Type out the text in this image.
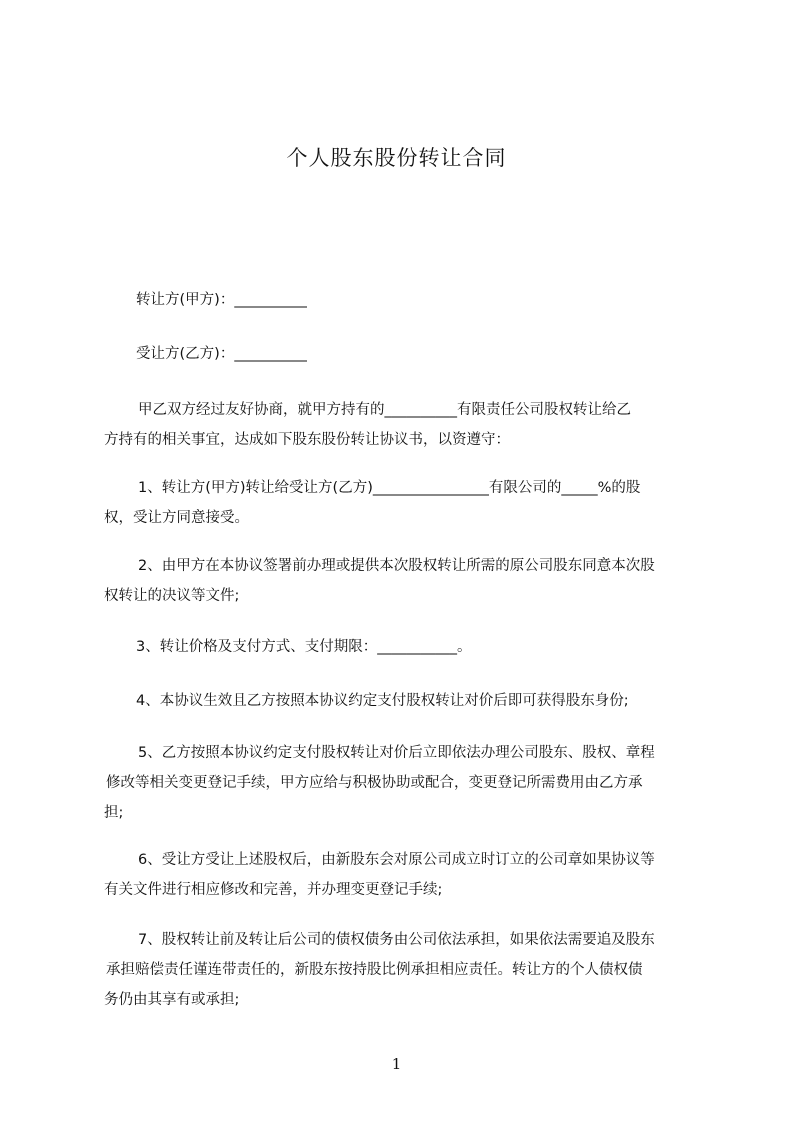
个人股东股份转让合同
转让方(甲方)：__________
受让方(乙方)：__________

甲乙双方经过友好协商，就甲方持有的__________有限责任公司股权转让给乙

方持有的相关事宜，达成如下股东股份转让协议书，以资遵守：

1、转让方(甲方)转让给受让方(乙方)________________有限公司的_____%的股

权，受让方同意接受。

2、由甲方在本协议签署前办理或提供本次股权转让所需的原公司股东同意本次股

权转让的决议等文件;

3、转让价格及支付方式、支付期限：___________。

4、本协议生效且乙方按照本协议约定支付股权转让对价后即可获得股东身份;

5、乙方按照本协议约定支付股权转让对价后立即依法办理公司股东、股权、章程

修改等相关变更登记手续，甲方应给与积极协助或配合，变更登记所需费用由乙方承

担;

6、受让方受让上述股权后，由新股东会对原公司成立时订立的公司章如果协议等

有关文件进行相应修改和完善，并办理变更登记手续;

7、股权转让前及转让后公司的债权债务由公司依法承担，如果依法需要追及股东

承担赔偿责任谨连带责任的，新股东按持股比例承担相应责任。转让方的个人债权债

务仍由其享有或承担;

1
